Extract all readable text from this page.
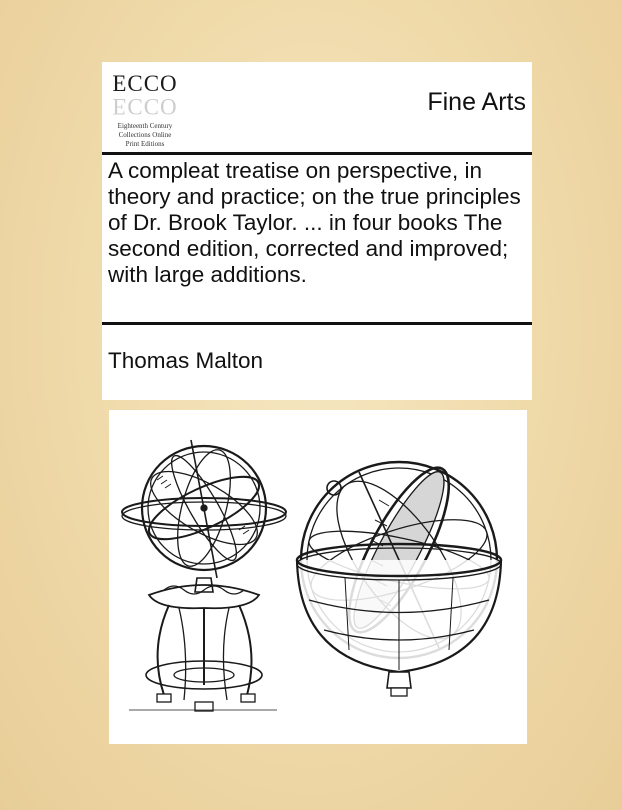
ECCO
ECCO
Eighteenth Century
Collections Online
Print Editions
Fine Arts
A compleat treatise on perspective, in theory and practice; on the true principles of Dr. Brook Taylor. ... in four books The second edition, corrected and improved; with large additions.
Thomas Malton
